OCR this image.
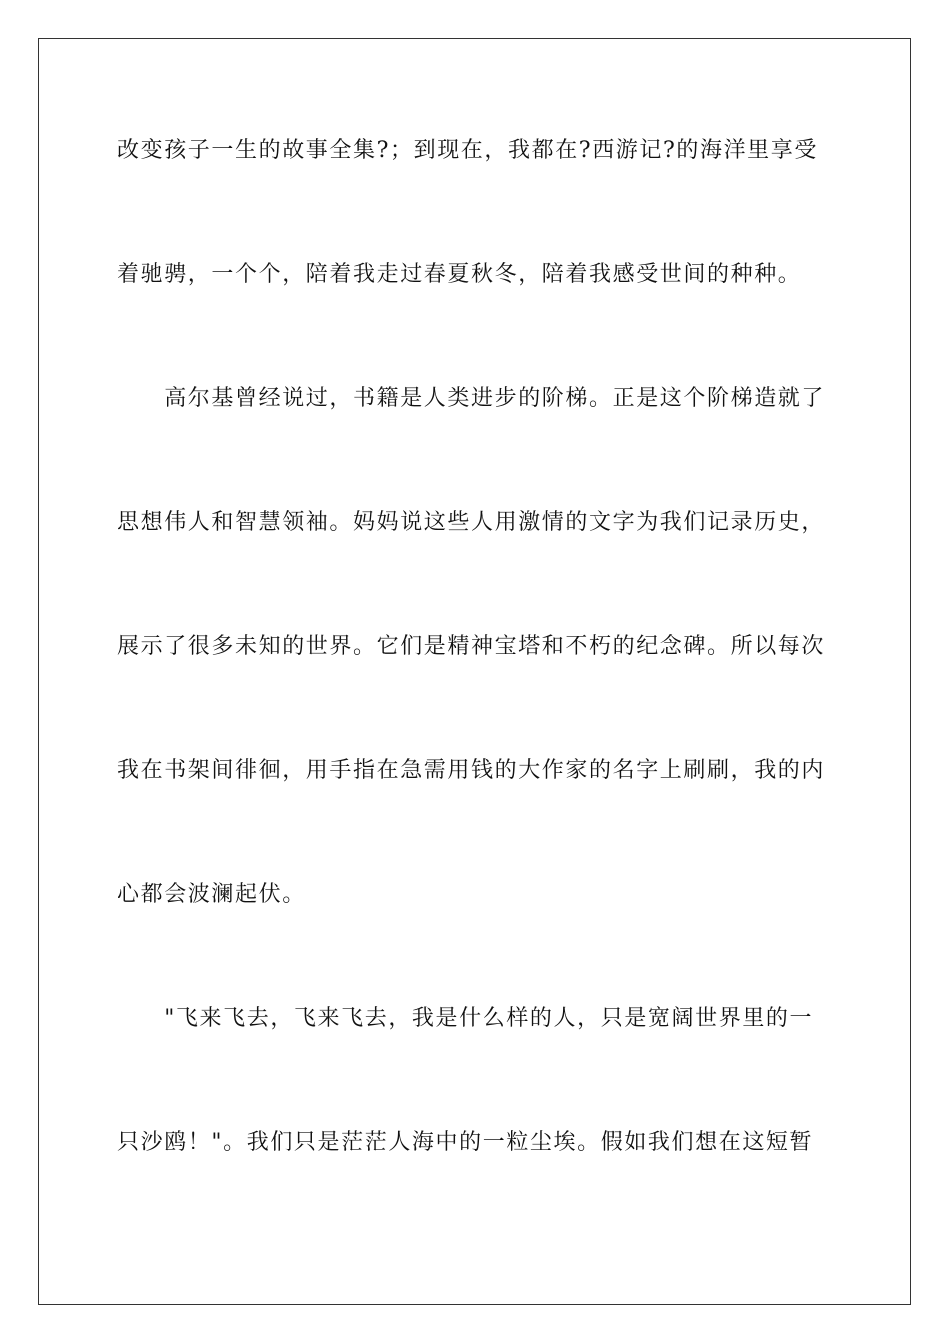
改变孩子一生的故事全集?；到现在，我都在?西游记?的海洋里享受
着驰骋，一个个，陪着我走过春夏秋冬，陪着我感受世间的种种。
　　高尔基曾经说过，书籍是人类进步的阶梯。正是这个阶梯造就了
思想伟人和智慧领袖。妈妈说这些人用激情的文字为我们记录历史，
展示了很多未知的世界。它们是精神宝塔和不朽的纪念碑。所以每次
我在书架间徘徊，用手指在急需用钱的大作家的名字上刷刷，我的内
心都会波澜起伏。
　　"飞来飞去，飞来飞去，我是什么样的人，只是宽阔世界里的一
只沙鸥！"。我们只是茫茫人海中的一粒尘埃。假如我们想在这短暂
